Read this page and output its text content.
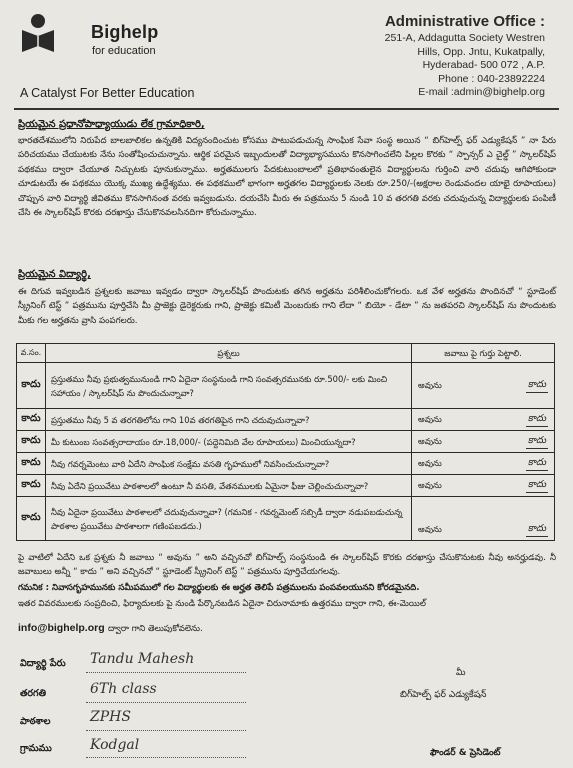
Bighelp
for education
A Catalyst For Better Education
Administrative Office :
251-A, Addagutta Society Westren
Hills, Opp. Jntu, Kukatpally,
Hyderabad- 500 072 , A.P.
Phone : 040-23892224
E-mail :admin@bighelp.org
ప్రియమైన ప్రధానోపాధ్యాయుడు లేక గ్రామాధికారి,
భారతదేశములోని నిరుపేద బాలబాలికల ఉన్నతికి విద్యనందించుట కోసము పాటుపడుచున్న సాంఘిక సేవా సంస్థ అయిన “ బిగ్‌హెల్ప్ ఫర్ ఎడ్యుకేషన్ ” నా పేరు పరిచయము చేయుటకు నేను సంతోషించుచున్నాను. ఆర్థిక పరమైన ఇబ్బందులతో విద్యాభ్యాసమును కొనసాగించలేని పిల్లల కొరకు “ స్పాన్సర్ ఎ చైల్డ్ ” స్కాలర్‌షిప్ పథకము ద్వారా చేయూత నిచ్చుటకు పూనుకున్నాము. అర్హతములగు పేదకుటుంబాలలో ప్రతిభావంతులైన విద్యార్థులను గుర్తించి వారి చదువు ఆగిపోకుండా చూడుటయే ఈ పథకము యొక్క ముఖ్య ఉద్దేశ్యము. ఈ పథకములో భాగంగా అర్హతగల విద్యార్థులకు నెలకు రూ.250/-(అక్షరాల రెండువందల యాభై రూపాయలు) చొప్పున వారి విద్యార్థి జీవితము కొనసాగినంత వరకు ఇవ్వబడును. దయచేసి మీరు ఈ పత్రమును 5 నుండి 10 వ తరగతి వరకు చదువుచున్న విద్యార్థులకు పంపిణీ చేసి ఈ స్కాలర్‌షిప్ కొరకు దరఖాస్తు చేసుకొనవలసినదిగా కోరుచున్నాము.
ప్రియమైన విద్యార్థి,
ఈ దిగువ ఇవ్వబడిన ప్రశ్నలకు జవాబు ఇవ్వడం ద్వారా స్కాలర్‌షిప్ పొందుటకు తగిన అర్హతను పరిశీలించుకోగలరు. ఒక వేళ అర్హతను పొందినచో “ స్టూడెంట్ స్క్రీనింగ్ టెస్ట్ ” పత్రమును పూర్తిచేసి మీ ప్రాజెక్టు డైరెక్టరుకు గాని, ప్రాజెక్టు కమిటీ మెంబరుకు గాని లేదా “ బియో - డేటా ” ను జతపరచి స్కాలర్‌షిప్ ను పొందుటకు మీకు గల అర్హతను వ్రాసి పంపగలరు.
వ.సం.	ప్రశ్నలు	జవాబు పై గుర్తు పెట్టాలి.
కాదు	ప్రస్తుతము నీవు ప్రభుత్వమునుండి గాని ఏదైనా సంస్థనుండి గాని సంవత్సరమునకు రూ.500/- లకు మించి సహాయం / స్కాలర్‌షిప్ ను పొందుచున్నావా?	అవును కాదు

కాదు	ప్రస్తుతము నీవు 5 వ తరగతిలోను గాని 10వ తరగతిపైన గాని చదువుచున్నావా?	అవును కాదు

కాదు	మీ కుటుంబ సంవత్సరాదాయం రూ.18,000/- (పద్దెనిమిది వేల రూపాయలు) మించియున్నదా?	అవును కాదు

కాదు	నీవు గవర్నమెంటు వారి ఏదేని సాంఘిక సంక్షేమ వసతి గృహములో నివసించుచున్నావా?	అవును కాదు

కాదు	నీవు ఏదేని ప్రయివేటు పాఠశాలలో ఉంటూ నీ వసతి, వేతనములకు ఏమైనా ఫీజు చెల్లించుచున్నావా?	అవును కాదు

కాదు	నీవు ఏదైనా ప్రయివేటు పాఠశాలలో చదువుచున్నావా? (గమనిక - గవర్నమెంట్ సబ్సిడీ ద్వారా నడుపబడుచున్న పాఠశాల ప్రయివేటు పాఠశాలగా గణింపబడదు.)	అవును కాదు
పై వాటిలో ఏదేని ఒక ప్రశ్నకు నీ జవాబు “ అవును ” అని వచ్చినచో బిగ్‌హెల్ప్ సంస్థనుండి ఈ స్కాలర్‌షిప్ కొరకు దరఖాస్తు చేసుకొనుటకు నీవు అనర్హుడవు. నీ జవాబులు అన్నీ “ కాదు ” అని వచ్చినచో “ స్టూడెంట్ స్క్రీనింగ్ టెస్ట్ ” పత్రమును పూర్తిచేయగలవు.
గమనిక : నివాసగృహమునకు సమీపములో గల విద్యార్థులకు ఈ అర్హత తెలిపే పత్రములను పంపవలయునని కోరడమైనది.
ఇతర వివరములకు సంప్రదించి, ఫిర్యాదులకు పై నుండి పేర్కొనబడిన ఏదైనా చిరునామాకు ఉత్తరము ద్వారా గాని, ఈ-మెయిల్
info@bighelp.org ద్వారా గాని తెలుపుకోవలెను.
విద్యార్థి పేరు Tandu Mahesh
తరగతి	6Th class
పాఠశాల	ZPHS
గ్రామము	Kodgal
మీ
బిగ్‌హెల్ప్ ఫర్ ఎడ్యుకేషన్
ఫౌండర్ & ప్రెసిడెంట్
